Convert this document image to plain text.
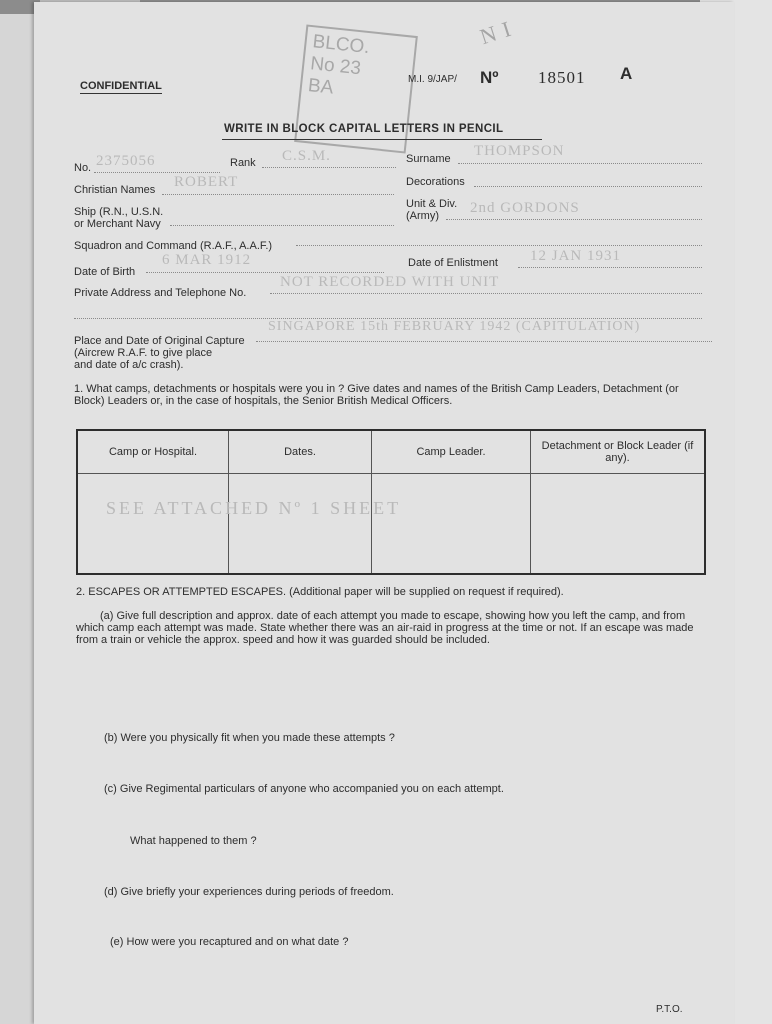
CONFIDENTIAL
BLCO.
No 23
BA
N I
M.I. 9/JAP/ Nº 18501 A
WRITE IN BLOCK CAPITAL LETTERS IN PENCIL
No. 2375056	Rank C.S.M.	Surname THOMPSON
Christian Names ROBERT	Decorations
Ship (R.N., U.S.N.
or Merchant Navy
Unit & Div.
(Army) 2nd GORDONS
Squadron and Command (R.A.F., A.A.F.)
Date of Birth
6 MAR 1912	Date of Enlistment 12 JAN 1931
Private Address and Telephone No.
NOT RECORDED WITH UNIT
Place and Date of Original Capture
(Aircrew R.A.F. to give place
and date of a/c crash).
SINGAPORE 15th FEBRUARY 1942 (CAPITULATION)
1. What camps, detachments or hospitals were you in ? Give dates and names of the British Camp Leaders, Detachment (or Block) Leaders or, in the case of hospitals, the Senior British Medical Officers.
Camp or Hospital.	Dates.	Camp Leader.	Detachment or Block Leader (if any).

SEE ATTACHED Nº 1 SHEET
2. ESCAPES OR ATTEMPTED ESCAPES. (Additional paper will be supplied on request if required).
(a) Give full description and approx. date of each attempt you made to escape, showing how you left the camp, and from which camp each attempt was made. State whether there was an air-raid in progress at the time or not. If an escape was made from a train or vehicle the approx. speed and how it was guarded should be included.
(b) Were you physically fit when you made these attempts ?
(c) Give Regimental particulars of anyone who accompanied you on each attempt.
What happened to them ?
(d) Give briefly your experiences during periods of freedom.
(e) How were you recaptured and on what date ?
P.T.O.
